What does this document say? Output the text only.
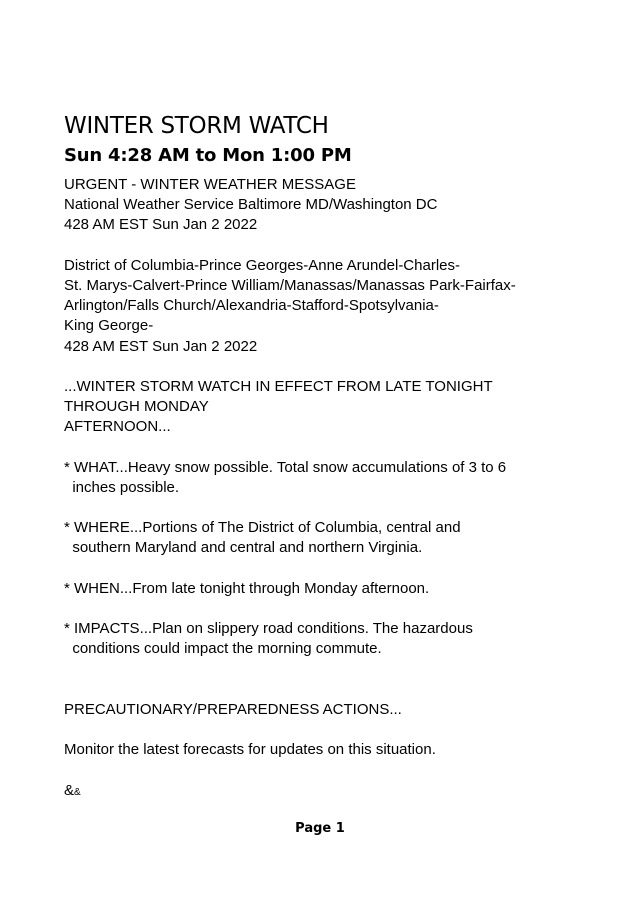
WINTER STORM WATCH
Sun 4:28 AM to Mon 1:00 PM
URGENT - WINTER WEATHER MESSAGE
National Weather Service Baltimore MD/Washington DC
428 AM EST Sun Jan 2 2022
District of Columbia-Prince Georges-Anne Arundel-Charles-
St. Marys-Calvert-Prince William/Manassas/Manassas Park-Fairfax-
Arlington/Falls Church/Alexandria-Stafford-Spotsylvania-
King George-
428 AM EST Sun Jan 2 2022
...WINTER STORM WATCH IN EFFECT FROM LATE TONIGHT
THROUGH MONDAY
AFTERNOON...
* WHAT...Heavy snow possible. Total snow accumulations of 3 to 6
inches possible.
* WHERE...Portions of The District of Columbia, central and
southern Maryland and central and northern Virginia.
* WHEN...From late tonight through Monday afternoon.
* IMPACTS...Plan on slippery road conditions. The hazardous
conditions could impact the morning commute.
PRECAUTIONARY/PREPAREDNESS ACTIONS...
Monitor the latest forecasts for updates on this situation.
&&
Page 1
